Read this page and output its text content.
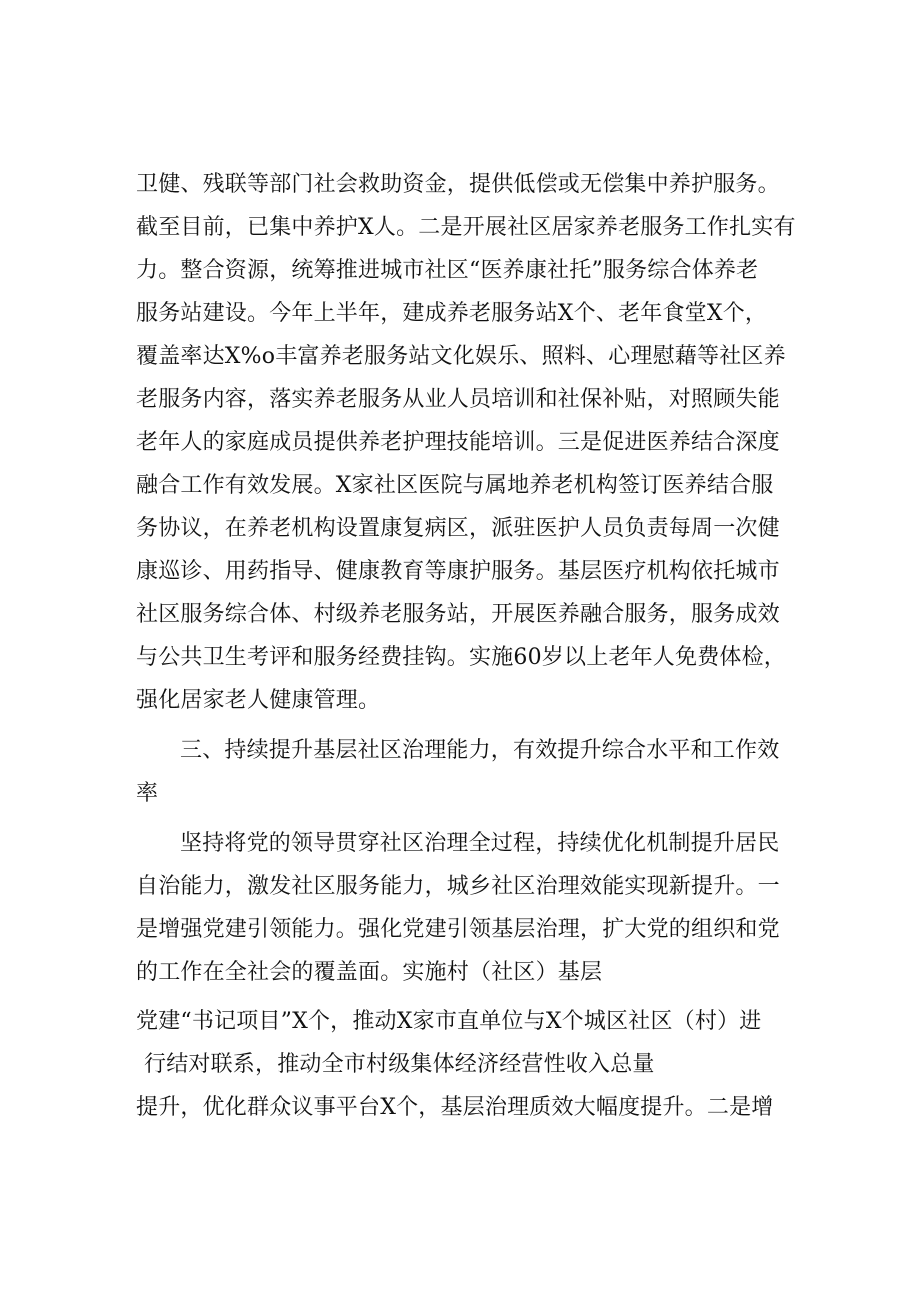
卫健、残联等部门社会救助资金，提供低偿或无偿集中养护服务。
截至目前，已集中养护X人。二是开展社区居家养老服务工作扎实有
力。整合资源，统筹推进城市社区“医养康社托”服务综合体养老
服务站建设。今年上半年，建成养老服务站X个、老年食堂X个，
覆盖率达X%o丰富养老服务站文化娱乐、照料、心理慰藉等社区养
老服务内容，落实养老服务从业人员培训和社保补贴，对照顾失能
老年人的家庭成员提供养老护理技能培训。三是促进医养结合深度
融合工作有效发展。X家社区医院与属地养老机构签订医养结合服
务协议，在养老机构设置康复病区，派驻医护人员负责每周一次健
康巡诊、用药指导、健康教育等康护服务。基层医疗机构依托城市
社区服务综合体、村级养老服务站，开展医养融合服务，服务成效
与公共卫生考评和服务经费挂钩。实施60岁以上老年人免费体检，
强化居家老人健康管理。
三、持续提升基层社区治理能力，有效提升综合水平和工作效
率
坚持将党的领导贯穿社区治理全过程，持续优化机制提升居民
自治能力，激发社区服务能力，城乡社区治理效能实现新提升。一
是增强党建引领能力。强化党建引领基层治理，扩大党的组织和党
的工作在全社会的覆盖面。实施村（社区）基层
党建“书记项目”X个，推动X家市直单位与X个城区社区（村）进
行结对联系，推动全市村级集体经济经营性收入总量
提升，优化群众议事平台X个，基层治理质效大幅度提升。二是增
